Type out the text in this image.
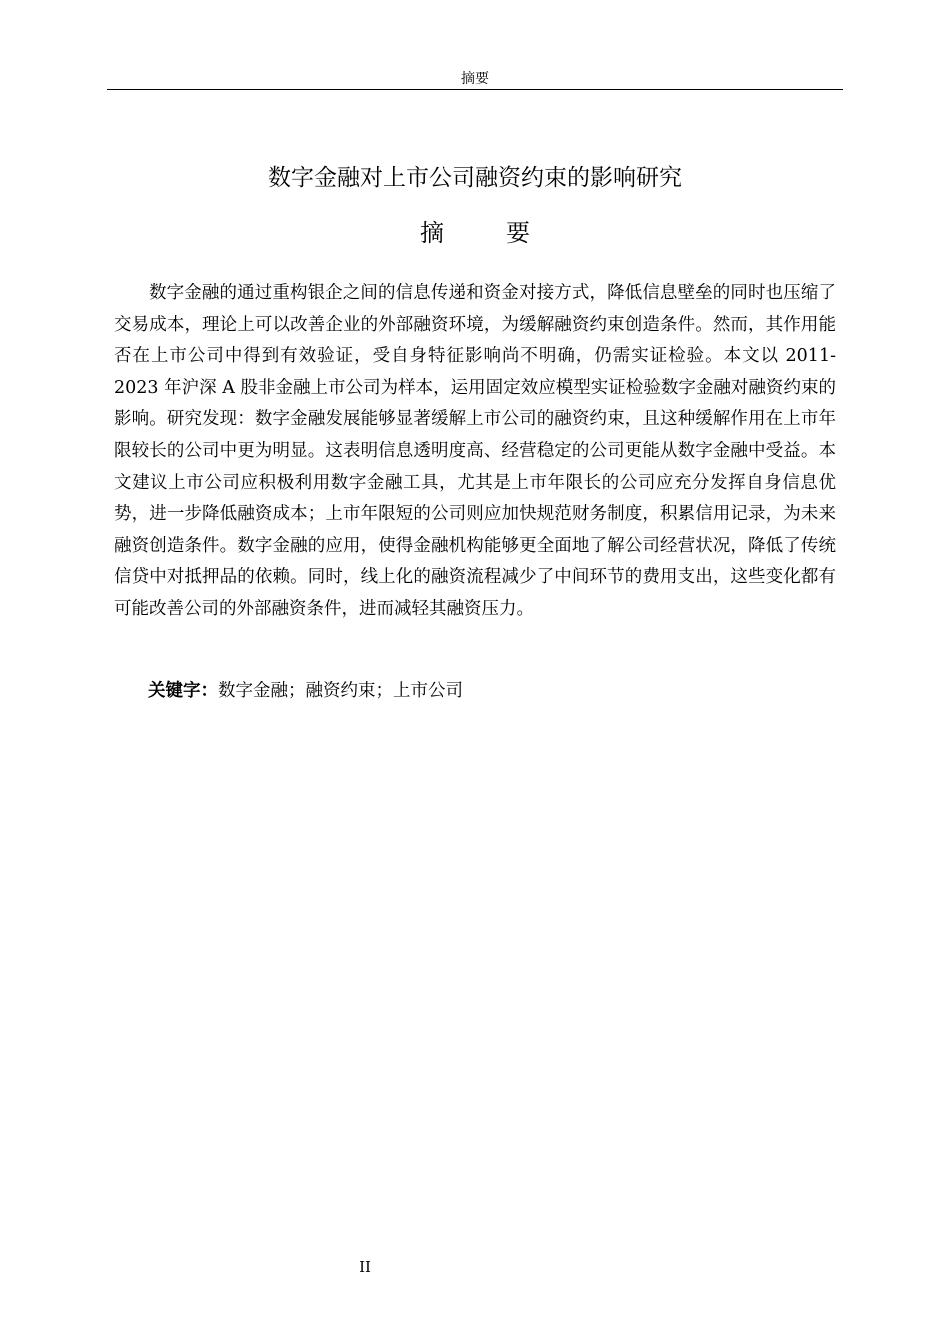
摘要
数字金融对上市公司融资约束的影响研究
摘	要

数字金融的通过重构银企之间的信息传递和资金对接方式，降低信息壁垒的同时也压缩了交易成本，理论上可以改善企业的外部融资环境，为缓解融资约束创造条件。然而，其作用能否在上市公司中得到有效验证，受自身特征影响尚不明确，仍需实证检验。本文以 2011-2023 年沪深 A 股非金融上市公司为样本，运用固定效应模型实证检验数字金融对融资约束的影响。研究发现：数字金融发展能够显著缓解上市公司的融资约束，且这种缓解作用在上市年限较长的公司中更为明显。这表明信息透明度高、经营稳定的公司更能从数字金融中受益。本文建议上市公司应积极利用数字金融工具，尤其是上市年限长的公司应充分发挥自身信息优势，进一步降低融资成本；上市年限短的公司则应加快规范财务制度，积累信用记录，为未来融资创造条件。数字金融的应用，使得金融机构能够更全面地了解公司经营状况，降低了传统信贷中对抵押品的依赖。同时，线上化的融资流程减少了中间环节的费用支出，这些变化都有可能改善公司的外部融资条件，进而减轻其融资压力。

关键字：数字金融；融资约束；上市公司
II
